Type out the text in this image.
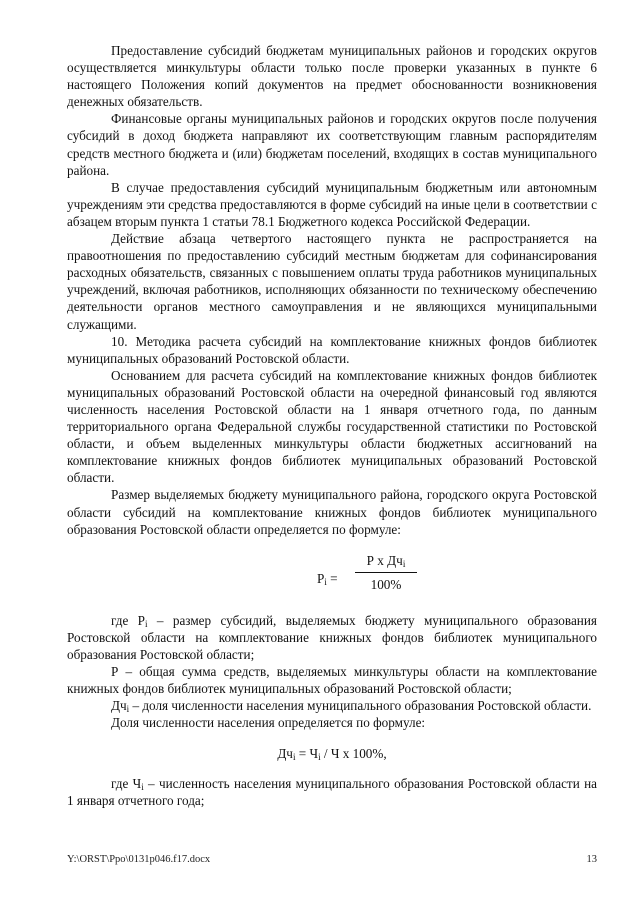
Предоставление субсидий бюджетам муниципальных районов и городских округов осуществляется минкультуры области только после проверки указанных в пункте 6 настоящего Положения копий документов на предмет обоснованности возникновения денежных обязательств.

Финансовые органы муниципальных районов и городских округов после получения субсидий в доход бюджета направляют их соответствующим главным распорядителям средств местного бюджета и (или) бюджетам поселений, входящих в состав муниципального района.

В случае предоставления субсидий муниципальным бюджетным или автономным учреждениям эти средства предоставляются в форме субсидий на иные цели в соответствии с абзацем вторым пункта 1 статьи 78.1 Бюджетного кодекса Российской Федерации.

Действие абзаца четвертого настоящего пункта не распространяется на правоотношения по предоставлению субсидий местным бюджетам для софинансирования расходных обязательств, связанных с повышением оплаты труда работников муниципальных учреждений, включая работников, исполняющих обязанности по техническому обеспечению деятельности органов местного самоуправления и не являющихся муниципальными служащими.

10. Методика расчета субсидий на комплектование книжных фондов библиотек муниципальных образований Ростовской области.

Основанием для расчета субсидий на комплектование книжных фондов библиотек муниципальных образований Ростовской области на очередной финансовый год являются численность населения Ростовской области на 1 января отчетного года, по данным территориального органа Федеральной службы государственной статистики по Ростовской области, и объем выделенных минкультуры области бюджетных ассигнований на комплектование книжных фондов библиотек муниципальных образований Ростовской области.

Размер выделяемых бюджету муниципального района, городского округа Ростовской области субсидий на комплектование книжных фондов библиотек муниципального образования Ростовской области определяется по формуле:

$P_i$ =
Р х $Дч_i$
100%

где $Р_i$ – размер субсидий, выделяемых бюджету муниципального образования Ростовской области на комплектование книжных фондов библиотек муниципального образования Ростовской области;

Р – общая сумма средств, выделяемых минкультуры области на комплектование книжных фондов библиотек муниципальных образований Ростовской области;

$Дч_i$ – доля численности населения муниципального образования Ростовской области.

Доля численности населения определяется по формуле:

$Дч_i = Ч_i / Ч$ х 100%,

где $Ч_i$ – численность населения муниципального образования Ростовской области на 1 января отчетного года;

Y:\ORST\Ppo\0131p046.f17.docx	13
